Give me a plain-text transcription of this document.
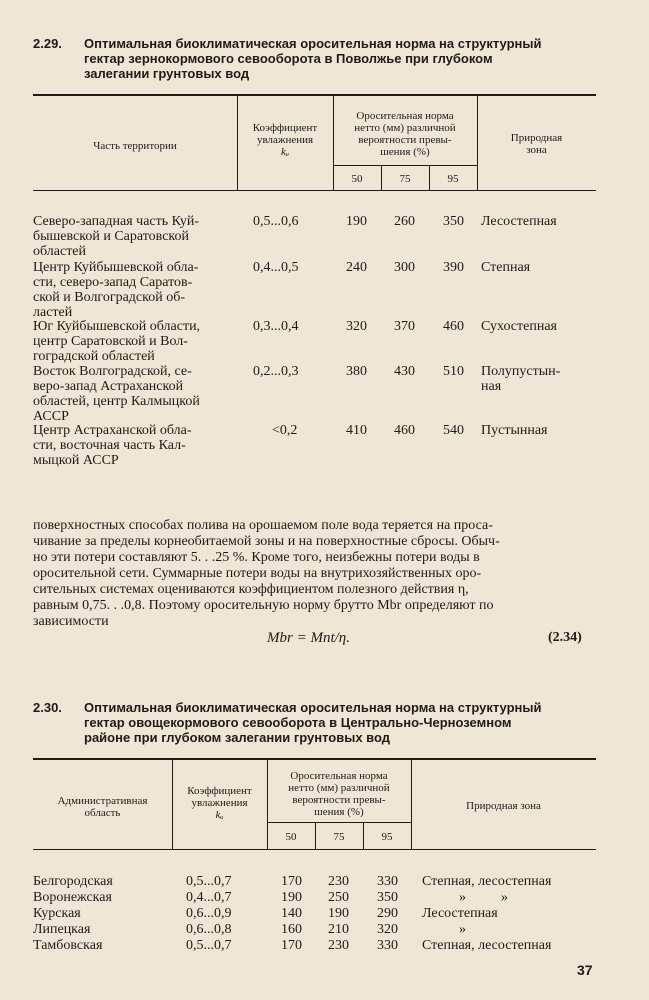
2.29. Оптимальная биоклиматическая оросительная норма на структурный
гектар зернокормового севооборота в Поволжье при глубоком
залегании грунтовых вод
Часть территории
Коэффициент
увлажнения
kᵤ
Оросительная норма
нетто (мм) различной
вероятности превы-
шения (%)
Природная
зона
50	75	95
Северо-западная часть Куй-
бышевской и Саратовской
областей
0,5...0,6	190 260 350 Лесостепная
Центр Куйбышевской обла-
сти, северо-запад Саратов-
ской и Волгоградской об-
ластей
0,4...0,5	240 300 390 Степная
Юг Куйбышевской области,
центр Саратовской и Вол-
гоградской областей
0,3...0,4	320 370 460 Сухостепная
Восток Волгоградской, се-
веро-запад Астраханской
областей, центр Калмыцкой
АССР
0,2...0,3	380 430 510 Полупустын-
ная
Центр Астраханской обла-
сти, восточная часть Кал-
мыцкой АССР
<0,2	410 460 540 Пустынная
поверхностных способах полива на орошаемом поле вода теряется на проса-
чивание за пределы корнеобитаемой зоны и на поверхностные сбросы. Обыч-
но эти потери составляют 5. . .25 %. Кроме того, неизбежны потери воды в
оросительной сети. Суммарные потери воды на внутрихозяйственных оро-
сительных системах оцениваются коэффициентом полезного действия η,
равным 0,75. . .0,8. Поэтому оросительную норму брутто Mbr определяют по
зависимости
Mbr = Mnt/η.	(2.34)
2.30. Оптимальная биоклиматическая оросительная норма на структурный
гектар овощекормового севооборота в Центрально-Черноземном
районе при глубоком залегании грунтовых вод
Административная
область
Коэффициент
увлажнения
kᵤ
Оросительная норма
нетто (мм) различной
вероятности превы-
шения (%)	Природная зона
50	75	95
Белгородская	0,5...0,7	170 230 330 Степная, лесостепная
Воронежская	0,4...0,7	190 250 350	»          »
Курская	0,6...0,9	140 190 290 Лесостепная
Липецкая	0,6...0,8	160 210 320	»
Тамбовская	0,5...0,7	170 230 330 Степная, лесостепная
37
